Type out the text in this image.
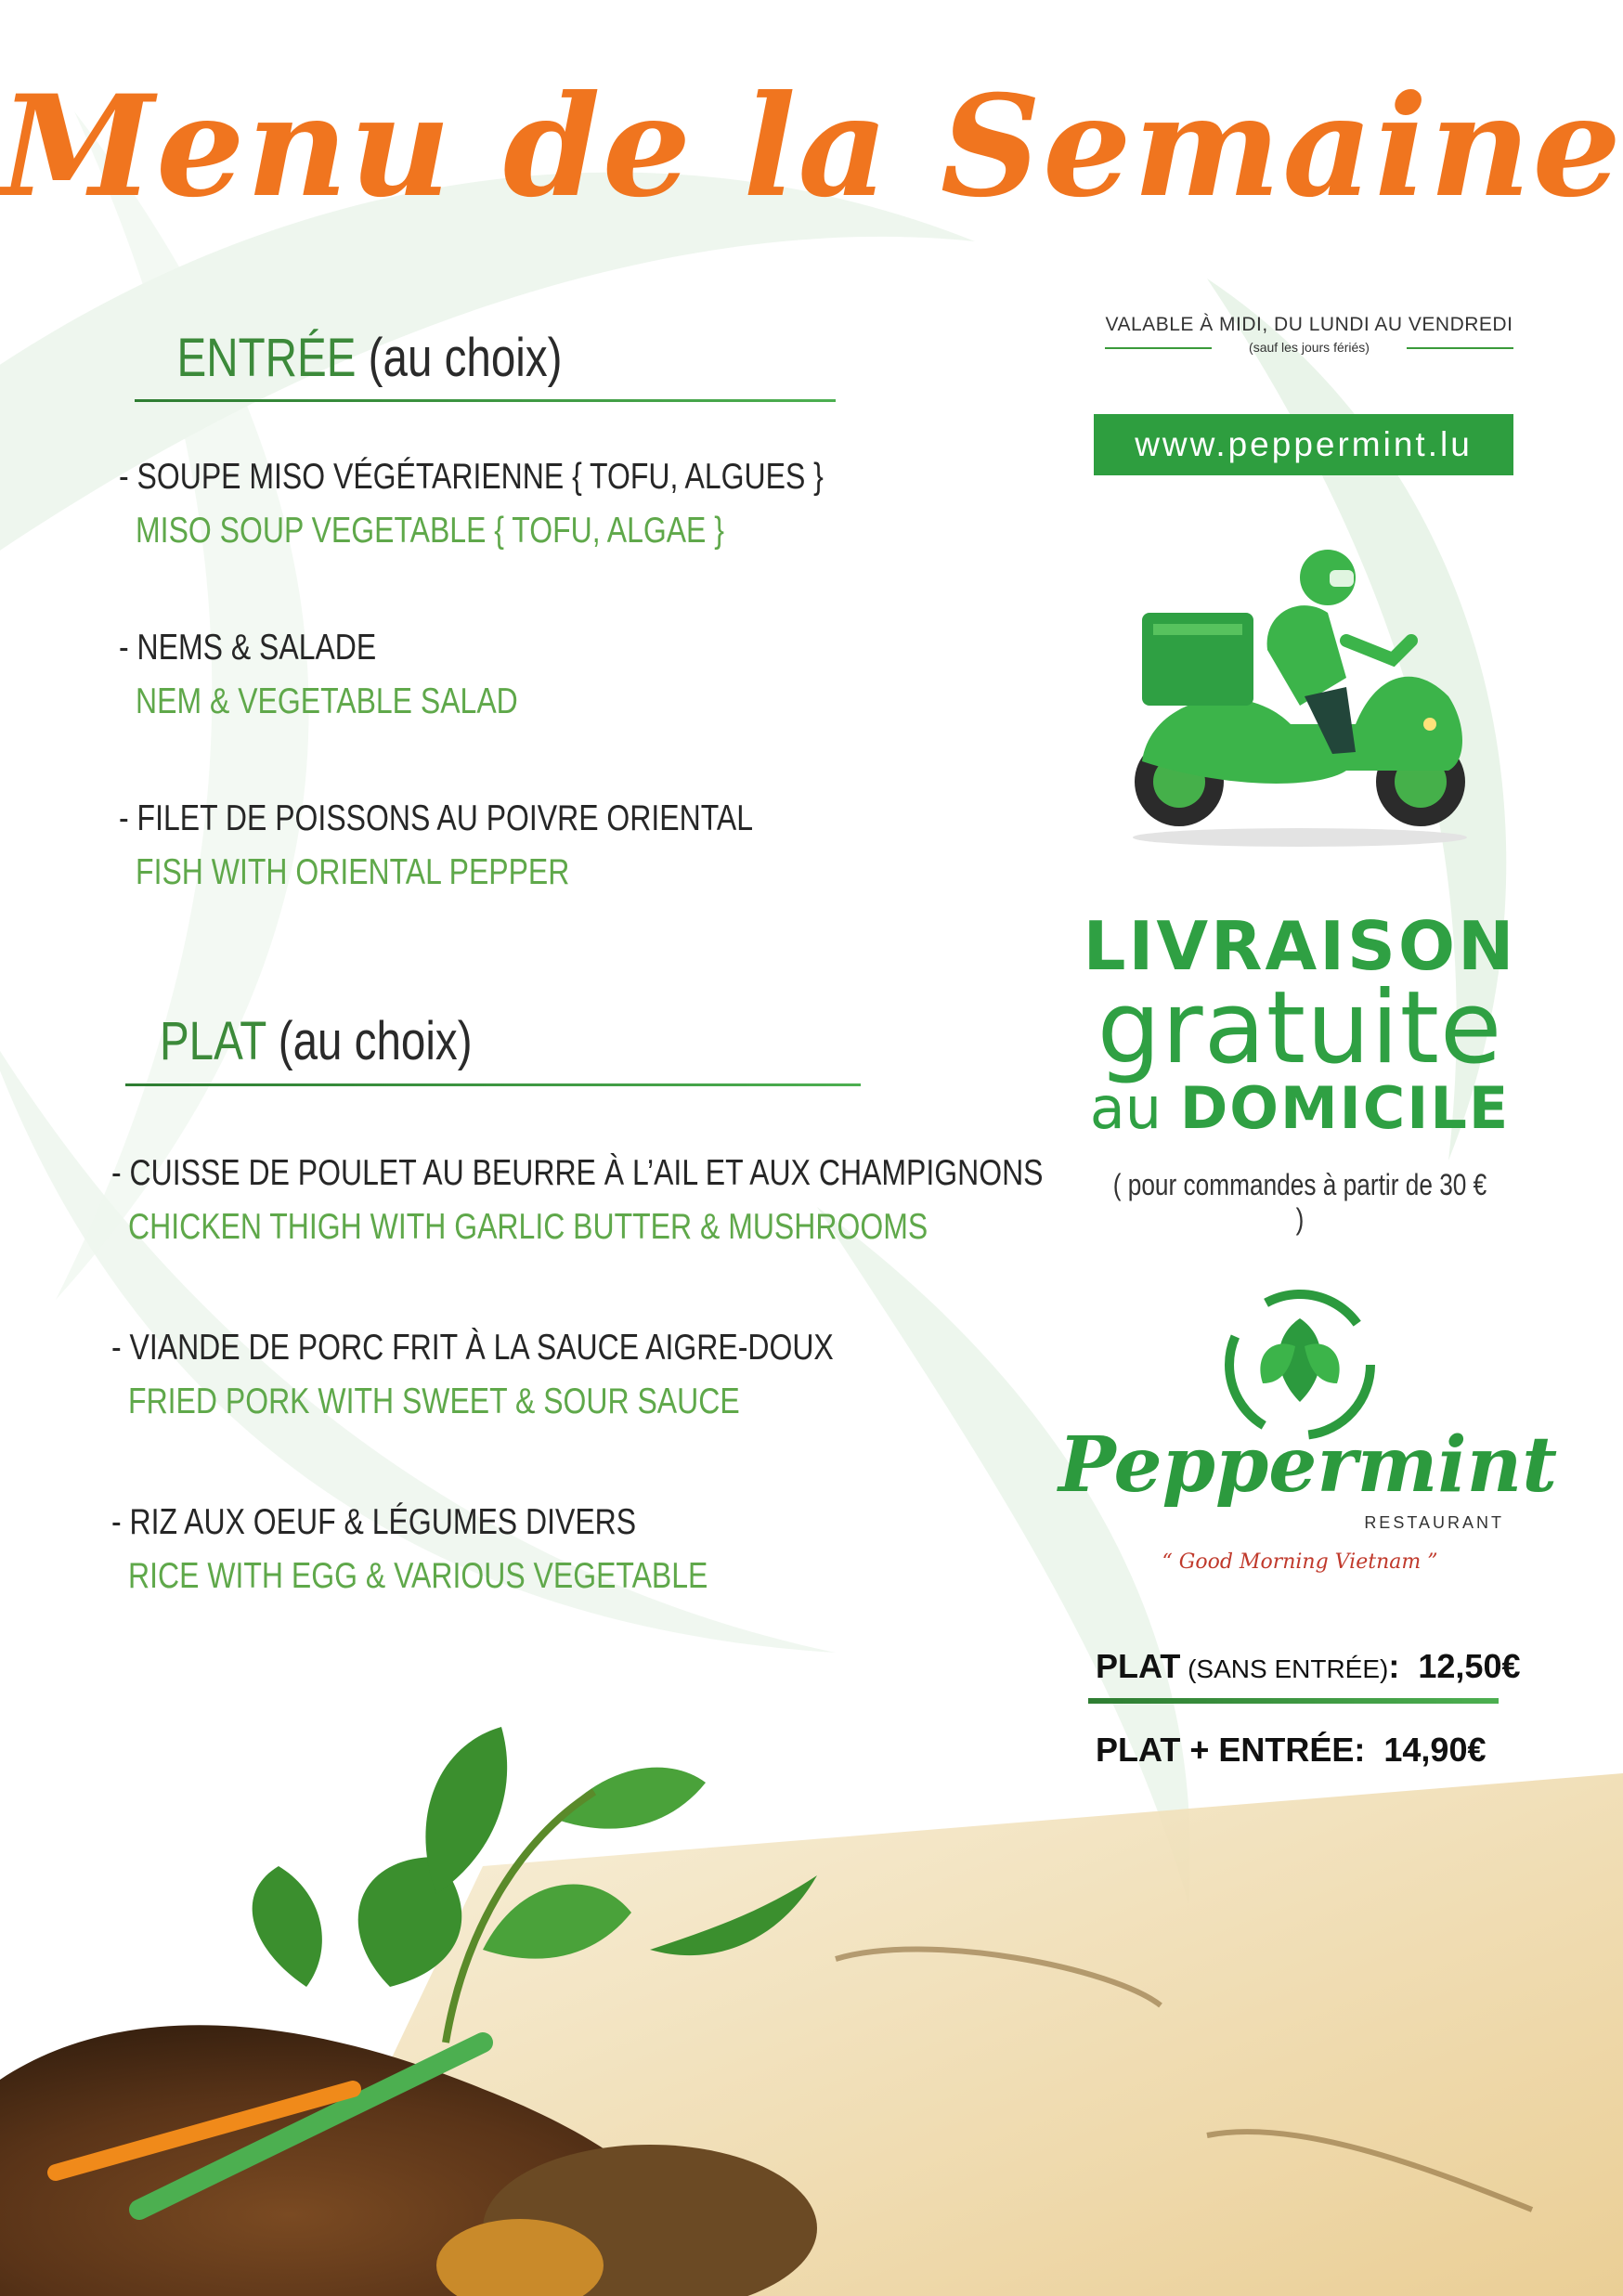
Menu de la Semaine
ENTRÉE (au choix)
- SOUPE MISO VÉGÉTARIENNE { TOFU, ALGUES }
MISO SOUP VEGETABLE { TOFU, ALGAE }
- NEMS & SALADE
NEM & VEGETABLE SALAD
- FILET DE POISSONS AU POIVRE ORIENTAL
FISH WITH ORIENTAL PEPPER
PLAT (au choix)
- CUISSE DE POULET AU BEURRE À L’AIL ET AUX CHAMPIGNONS
CHICKEN THIGH WITH GARLIC BUTTER & MUSHROOMS
- VIANDE DE PORC FRIT À LA SAUCE AIGRE-DOUX
FRIED PORK WITH SWEET & SOUR SAUCE
- RIZ AUX OEUF & LÉGUMES DIVERS
RICE WITH EGG & VARIOUS VEGETABLE
VALABLE À MIDI, DU LUNDI AU VENDREDI
(sauf les jours fériés)
www.peppermint.lu
LIVRAISON
gratuite
au DOMICILE
( pour commandes à partir de 30 € )
Peppermint
RESTAURANT
“ Good Morning Vietnam ”
PLAT (SANS ENTRÉE): 12,50€
PLAT + ENTRÉE: 14,90€
